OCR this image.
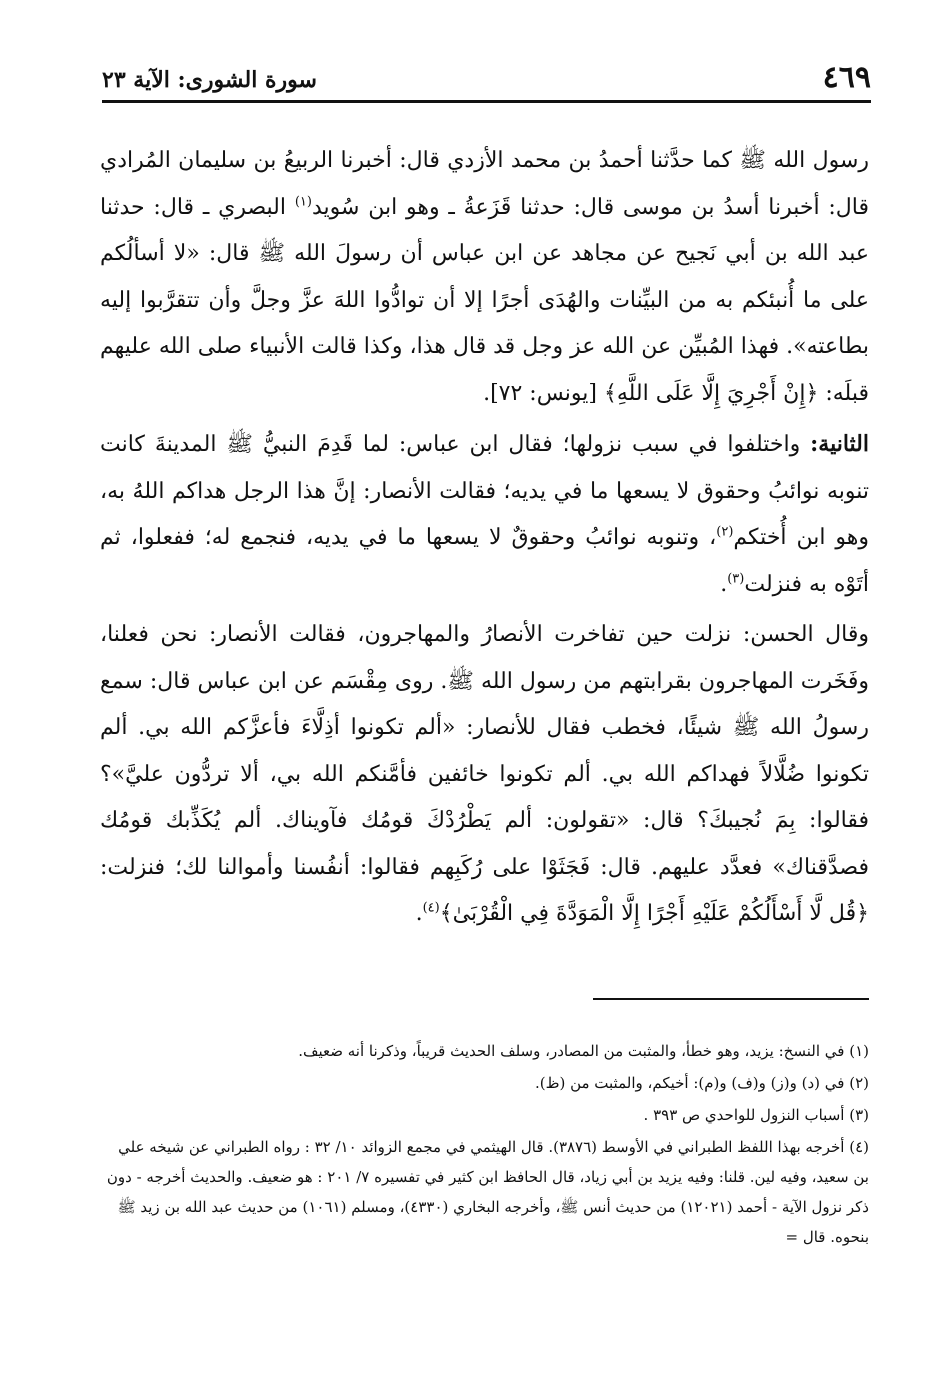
٤٦٩
سورة الشورى: الآية ٢٣

رسول الله ﷺ كما حدَّثنا أحمدُ بن محمد الأزدي قال: أخبرنا الربيعُ بن سليمان المُرادي قال: أخبرنا أسدُ بن موسى قال: حدثنا قَزَعةُ ـ وهو ابن سُويد$^{(١)}$ البصري ـ قال: حدثنا عبد الله بن أبي نَجيح عن مجاهد عن ابن عباس أن رسولَ الله ﷺ قال: «لا أسألُكم على ما أُنبئكم به من البيِّنات والهُدَى أجرًا إلا أن توادُّوا اللهَ عزَّ وجلَّ وأن تتقرَّبوا إليه بطاعته». فهذا المُبيِّن عن الله عز وجل قد قال هذا، وكذا قالت الأنبياء صلى الله عليهم قبلَه: ﴿إِنْ أَجْرِيَ إِلَّا عَلَى اللَّهِ﴾ [يونس: ٧٢].

الثانية: واختلفوا في سبب نزولها؛ فقال ابن عباس: لما قَدِمَ النبيُّ ﷺ المدينةَ كانت تنوبه نوائبُ وحقوق لا يسعها ما في يديه؛ فقالت الأنصار: إنَّ هذا الرجل هداكم اللهُ به، وهو ابن أُختكم$^{(٢)}$، وتنوبه نوائبُ وحقوقٌ لا يسعها ما في يديه، فنجمع له؛ ففعلوا، ثم أتَوْه به فنزلت$^{(٣)}$.

وقال الحسن: نزلت حين تفاخرت الأنصارُ والمهاجرون، فقالت الأنصار: نحن فعلنا، وفَخَرت المهاجرون بقرابتهم من رسول الله ﷺ. روى مِقْسَم عن ابن عباس قال: سمع رسولُ الله ﷺ شيئًا، فخطب فقال للأنصار: «ألم تكونوا أذِلَّاءَ فأعزَّكم الله بي. ألم تكونوا ضُلَّالاً فهداكم الله بي. ألم تكونوا خائفين فأمَّنكم الله بي، ألا تردُّون عليَّ»؟ فقالوا: بِمَ نُجيبكَ؟ قال: «تقولون: ألم يَطْرُدْكَ قومُك فآويناك. ألم يُكَذِّبك قومُك فصدَّقناك» فعدَّد عليهم. قال: فَجَثَوْا على رُكَبِهم فقالوا: أنفُسنا وأموالنا لك؛ فنزلت: ﴿قُل لَّا أَسْأَلُكُمْ عَلَيْهِ أَجْرًا إِلَّا الْمَوَدَّةَ فِي الْقُرْبَىٰ﴾$^{(٤)}$.

(١) في النسخ: يزيد، وهو خطأ، والمثبت من المصادر، وسلف الحديث قريباً، وذكرنا أنه ضعيف.

(٢) في (د) و(ز) و(ف) و(م): أخيكم، والمثبت من (ظ).

(٣) أسباب النزول للواحدي ص ٣٩٣ .

(٤) أخرجه بهذا اللفظ الطبراني في الأوسط (٣٨٧٦). قال الهيثمي في مجمع الزوائد ١٠/ ٣٢ : رواه الطبراني عن شيخه علي بن سعيد، وفيه لين. قلنا: وفيه يزيد بن أبي زياد، قال الحافظ ابن كثير في تفسيره ٧/ ٢٠١ : هو ضعيف. والحديث أخرجه - دون ذكر نزول الآية - أحمد (١٢٠٢١) من حديث أنس ﷺ، وأخرجه البخاري (٤٣٣٠)، ومسلم (١٠٦١) من حديث عبد الله بن زيد ﷺ بنحوه. قال =
